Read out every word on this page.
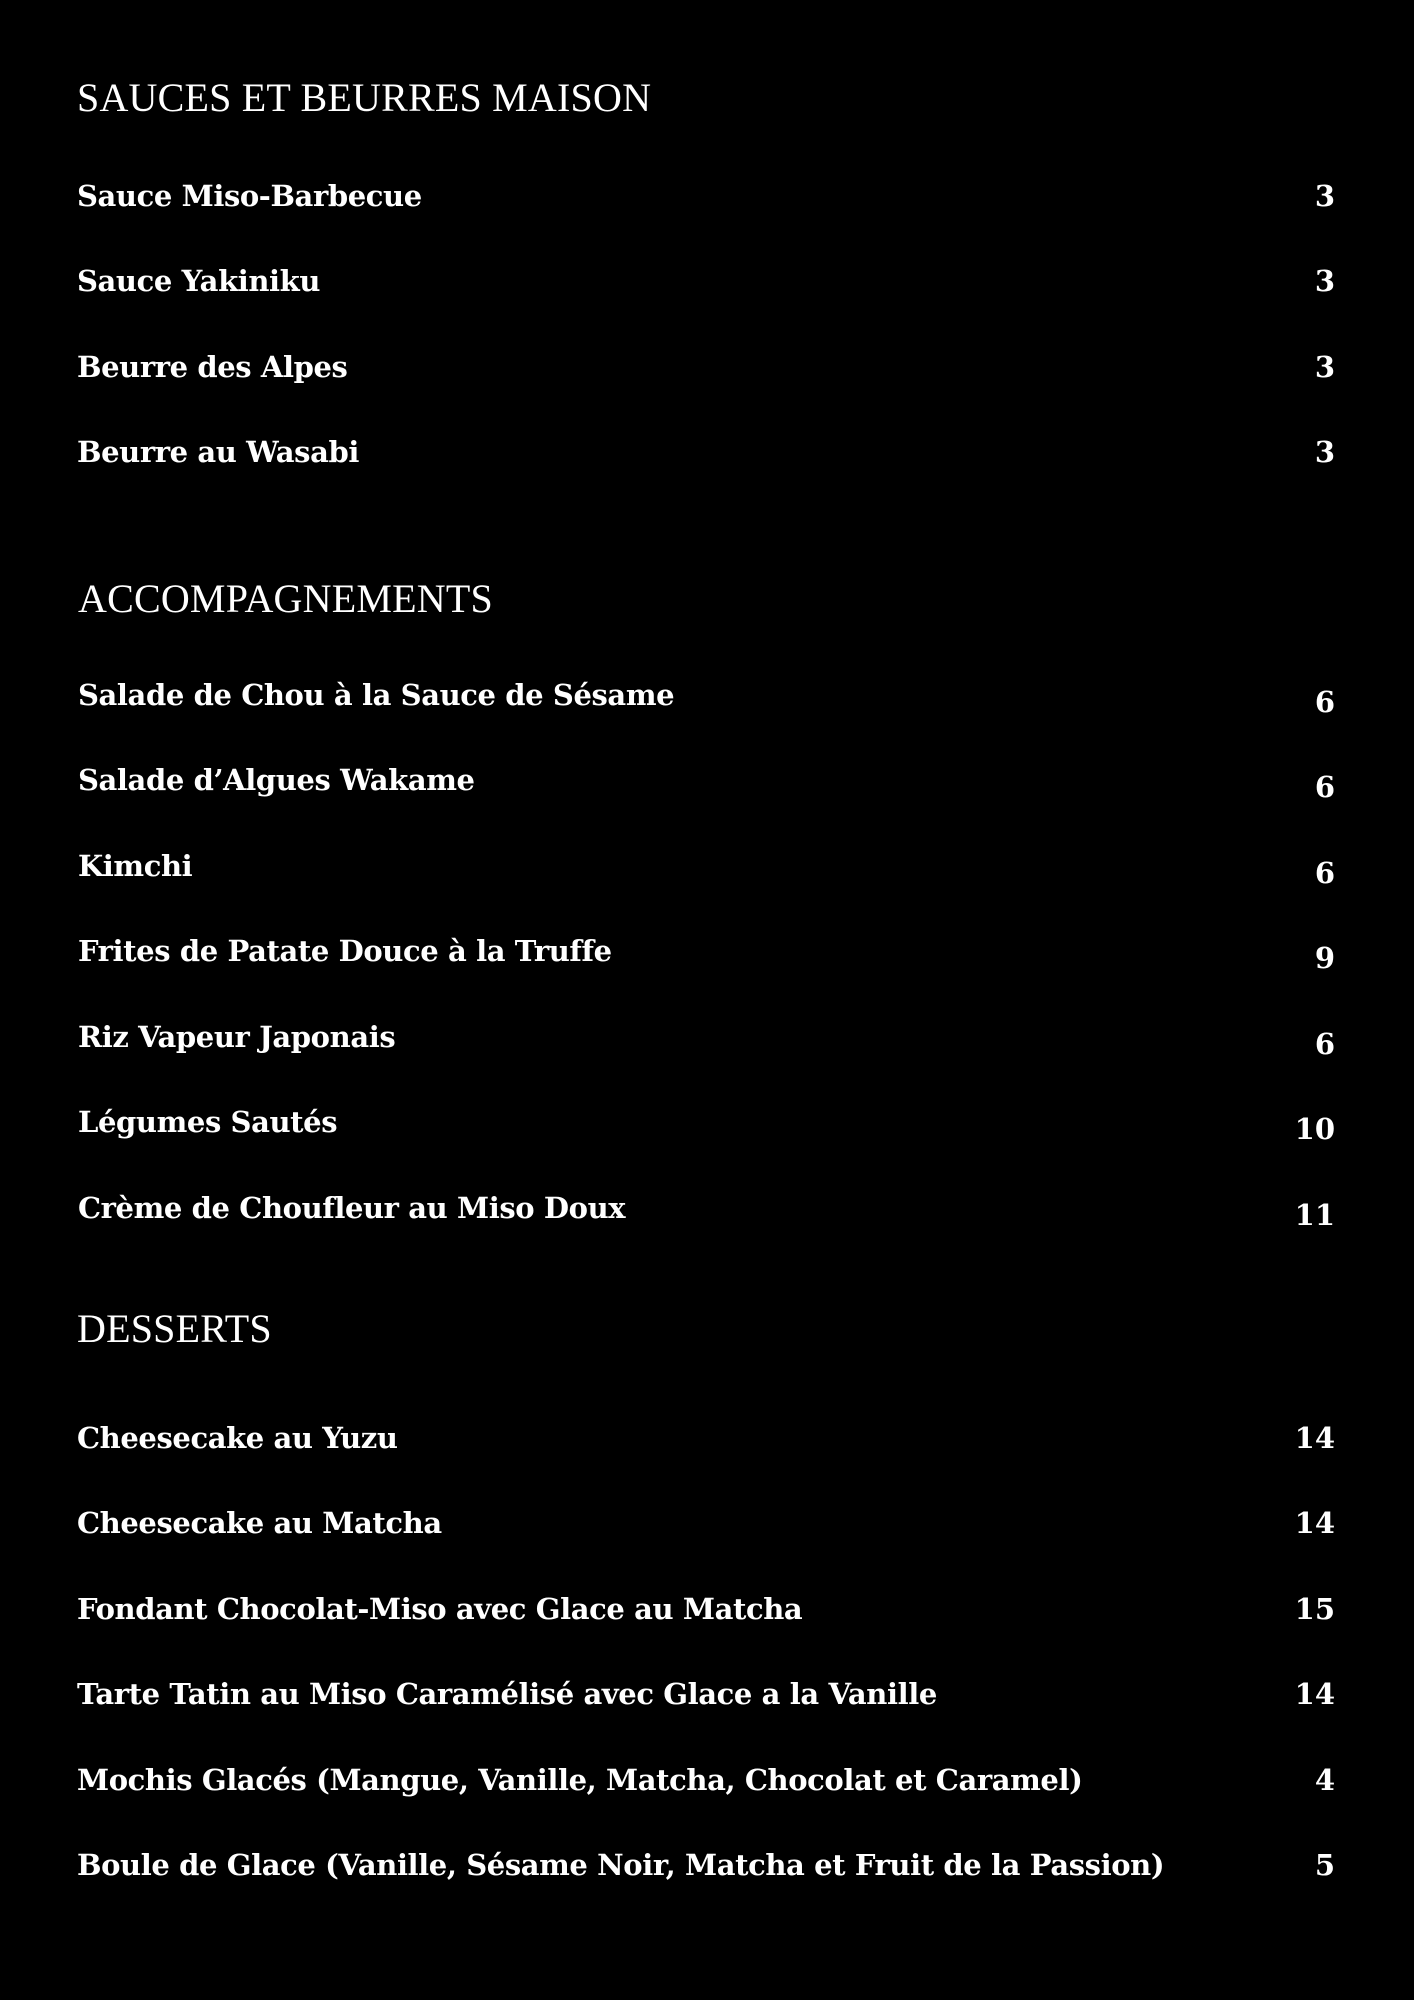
SAUCES ET BEURRES MAISON
Sauce Miso-Barbecue	3
Sauce Yakiniku	3
Beurre des Alpes	3
Beurre au Wasabi	3
ACCOMPAGNEMENTS
Salade de Chou à la Sauce de Sésame	6
Salade d’Algues Wakame	6
Kimchi	6
Frites de Patate Douce à la Truffe	9
Riz Vapeur Japonais	6
Légumes Sautés	10
Crème de Choufleur au Miso Doux	11
DESSERTS
Cheesecake au Yuzu	14
Cheesecake au Matcha	14
Fondant Chocolat-Miso avec Glace au Matcha	15
Tarte Tatin au Miso Caramélisé avec Glace a la Vanille	14
Mochis Glacés (Mangue, Vanille, Matcha, Chocolat et Caramel)	4
Boule de Glace (Vanille, Sésame Noir, Matcha et Fruit de la Passion)	5
